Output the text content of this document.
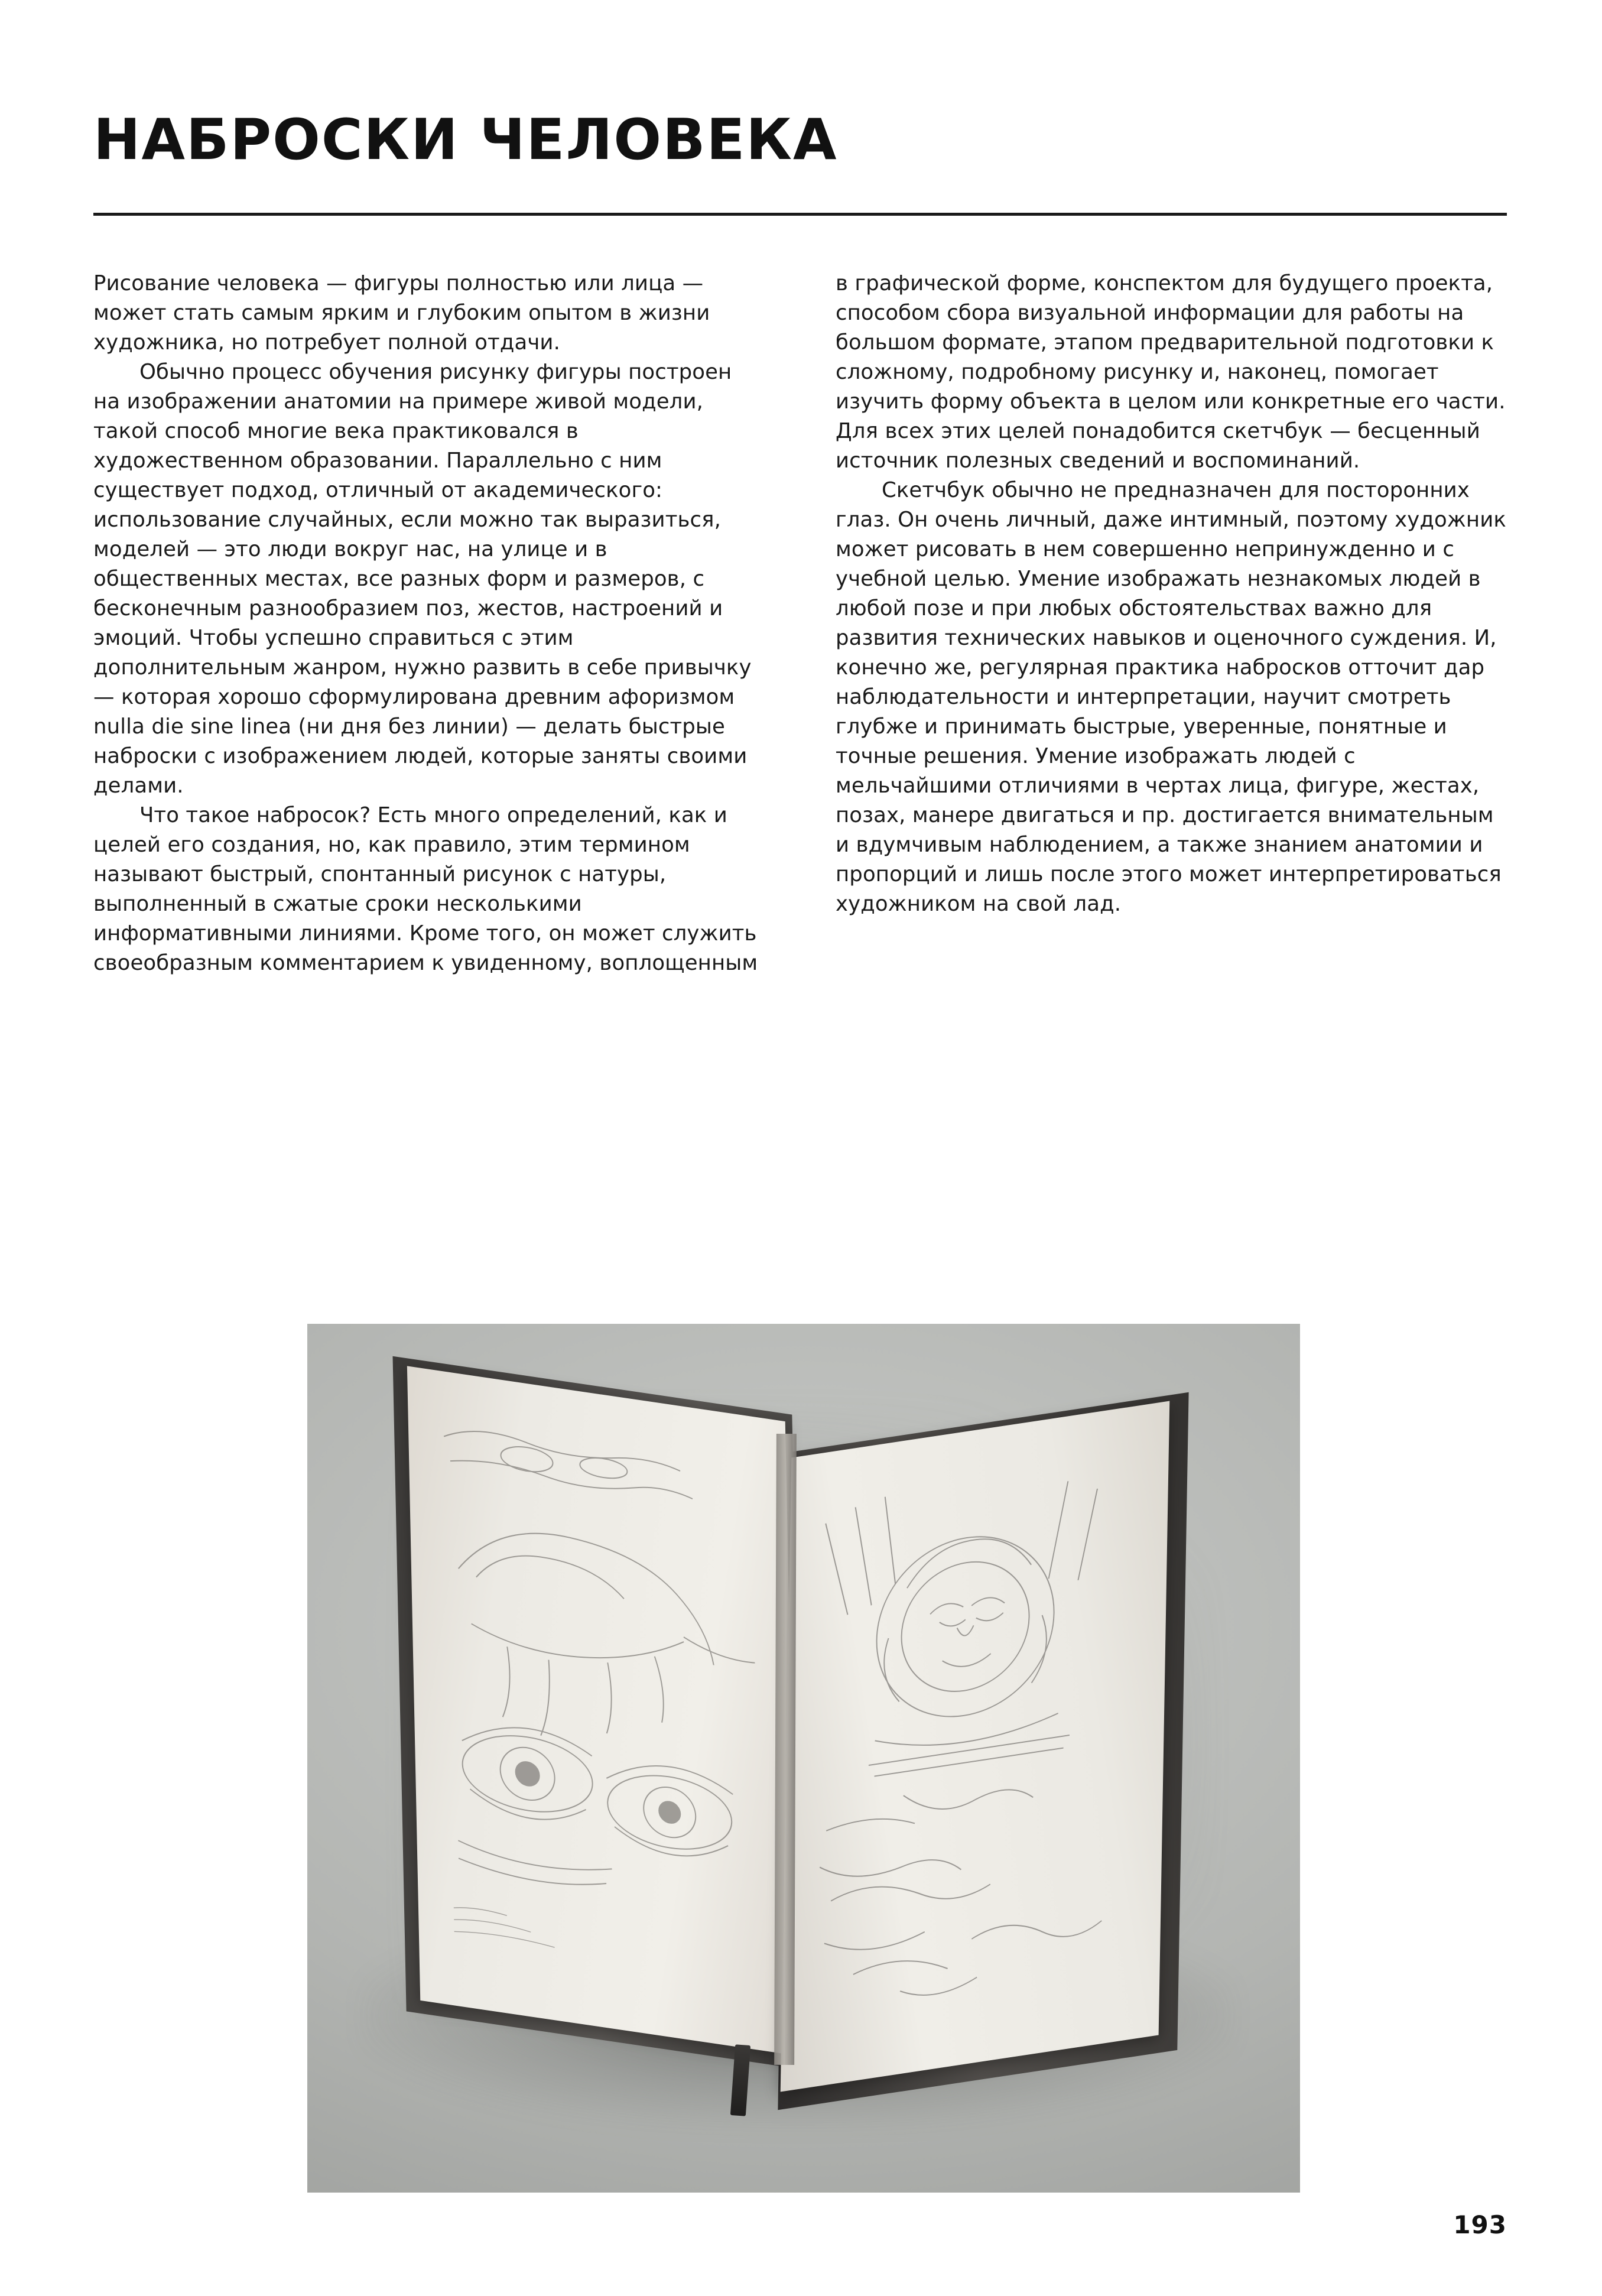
НАБРОСКИ ЧЕЛОВЕКА

Рисование человека — фигуры полностью или лица — может стать самым ярким и глубоким опытом в жизни художника, но потребует полной отдачи.

Обычно процесс обучения рисунку фигуры построен на изображении анатомии на примере живой модели, такой способ многие века практиковался в художественном образовании. Параллельно с ним существует подход, отличный от академического: использование случайных, если можно так выразиться, моделей — это люди вокруг нас, на улице и в общественных местах, все разных форм и размеров, с бесконечным разнообразием поз, жестов, настроений и эмоций. Чтобы успешно справиться с этим дополнительным жанром, нужно развить в себе привычку — которая хорошо сформулирована древним афоризмом nulla die sine linea (ни дня без линии) — делать быстрые наброски с изображением людей, которые заняты своими делами.

Что такое набросок? Есть много определений, как и целей его создания, но, как правило, этим термином называют быстрый, спонтанный рисунок с натуры, выполненный в сжатые сроки несколькими информативными линиями. Кроме того, он может служить своеобразным комментарием к увиденному, воплощенным

в графической форме, конспектом для будущего проекта, способом сбора визуальной информации для работы на большом формате, этапом предварительной подготовки к сложному, подробному рисунку и, наконец, помогает изучить форму объекта в целом или конкретные его части. Для всех этих целей понадобится скетчбук — бесценный источник полезных сведений и воспоминаний.

Скетчбук обычно не предназначен для посторонних глаз. Он очень личный, даже интимный, поэтому художник может рисовать в нем совершенно непринужденно и с учебной целью. Умение изображать незнакомых людей в любой позе и при любых обстоятельствах важно для развития технических навыков и оценочного суждения. И, конечно же, регулярная практика набросков отточит дар наблюдательности и интерпретации, научит смотреть глубже и принимать быстрые, уверенные, понятные и точные решения. Умение изображать людей с мельчайшими отличиями в чертах лица, фигуре, жестах, позах, манере двигаться и пр. достигается внимательным и вдумчивым наблюдением, а также знанием анатомии и пропорций и лишь после этого может интерпретироваться художником на свой лад.

193
